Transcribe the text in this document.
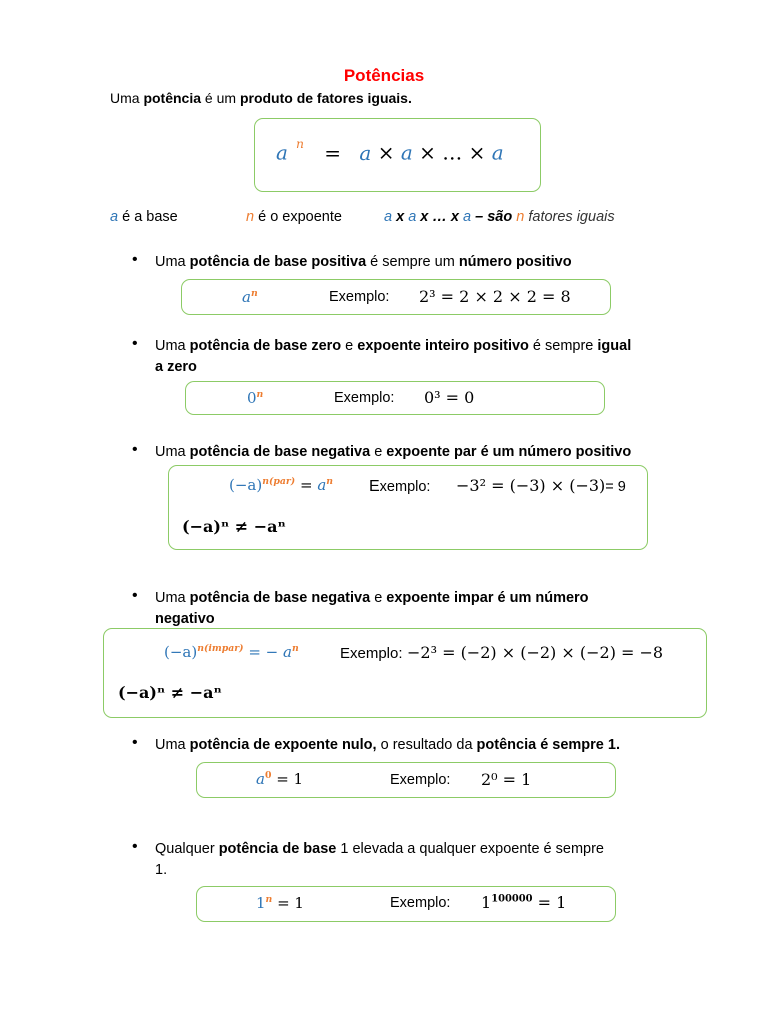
Potências
Uma potência é um produto de fatores iguais.
a $^n$ = a × a × … × a
a é a base	n é o expoente	a x a x … x a – são n fatores iguais
• Uma potência de base positiva é sempre um número positivo
$a^n$	Exemplo: 2³ = 2 × 2 × 2 = 8
• Uma potência de base zero e expoente inteiro positivo é sempre igual
a zero
0$^n$	Exemplo: 0³ = 0
• Uma potência de base negativa e expoente par é um número positivo
$(-a)^{n(par)} = a^n$ Exemplo: −3² = (−3) × (−3)= 9
(−a)ⁿ ≠ −aⁿ
• Uma potência de base negativa e expoente impar é um número
negativo
$(-a)^{n(impar)}$ = − $a^n$	Exemplo: −2³ = (−2) × (−2) × (−2) = −8
(−a)ⁿ ≠ −aⁿ
• Uma potência de expoente nulo, o resultado da potência é sempre 1.
$a^0 = 1$	Exemplo: 2⁰ = 1
• Qualquer potência de base 1 elevada a qualquer expoente é sempre
1.
$1^n = 1$	Exemplo: $1^{100000} = 1$
